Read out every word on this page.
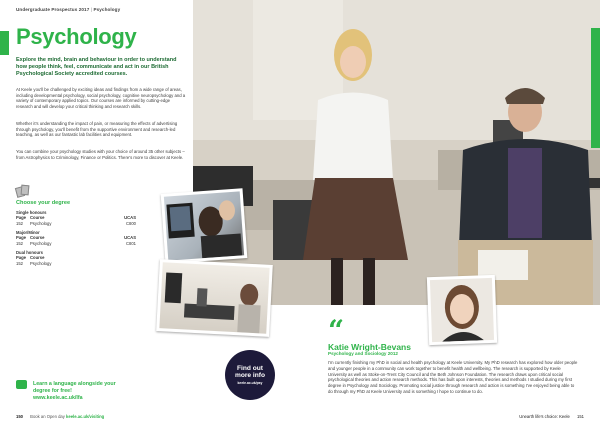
Undergraduate Prospectus 2017 | Psychology
Psychology

Explore the mind, brain and behaviour in order to understand how people think, feel, communicate and act in our British Psychological Society accredited courses.

At Keele you'll be challenged by exciting ideas and findings from a wide range of areas, including developmental psychology, social psychology, cognitive neuropsychology and a variety of contemporary applied topics. Our courses are informed by cutting-edge research and will develop your critical thinking and research skills.

Whether it's understanding the impact of pain, or measuring the effects of advertising through psychology, you'll benefit from the supportive environment and research-led teaching, as well as our fantastic lab facilities and equipment.

You can combine your psychology studies with your choice of around 35 other subjects – from Astrophysics to Criminology, Finance or Politics. There's more to discover at Keele.

Choose your degree
Single honours
Page Course	UCAS
152 Psychology	C800
Major/Minor
Page Course	UCAS
152 Psychology	C801
Dual honours
Page Course
152 Psychology
Learn a language alongside your degree for free!
www.keele.ac.uk/lfa
150 Book an Open day keele.ac.uk/visiting
“
Katie Wright-Bevans
Psychology and Sociology 2012

I'm currently finishing my PhD in social and health psychology at Keele University. My PhD research has explored how older people and younger people in a community can work together to benefit health and wellbeing. The research is supported by Keele University as well as Stoke-on-Trent City Council and the Beth Johnson Foundation. The research draws upon critical social psychological theories and action research methods. This has built upon interests, theories and methods I studied during my first degree in Psychology and Sociology. Promoting social justice through research and action is something I've enjoyed being able to do through my PhD at Keele University and is something I hope to continue to do.

Find out more info
keele.ac.uk/psy
Unearth life's choice: Keele 151
